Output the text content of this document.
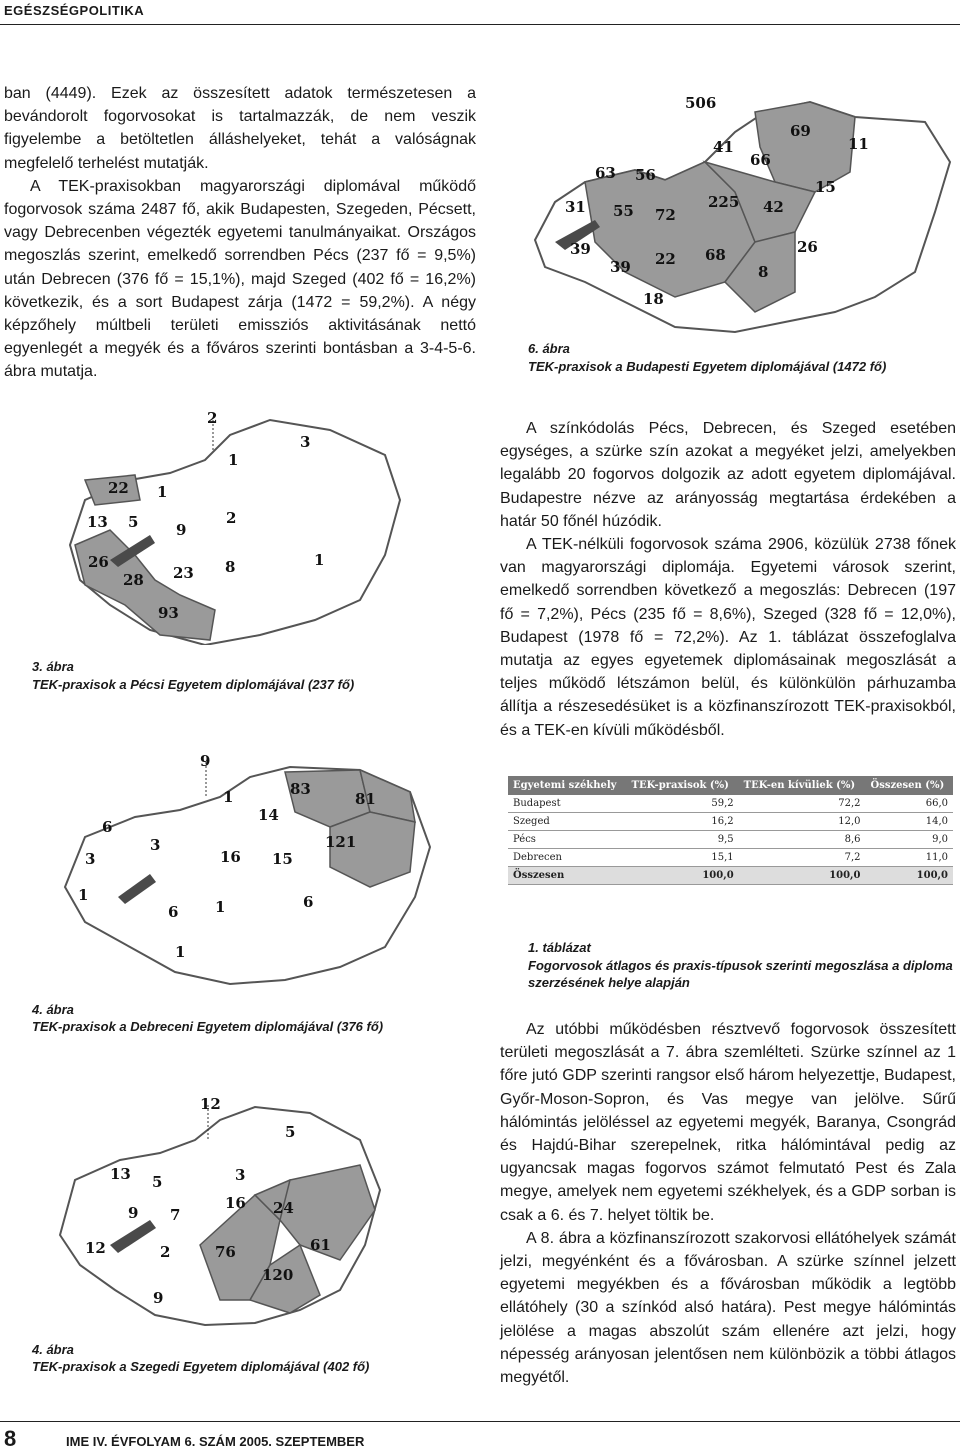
EGÉSZSÉGPOLITIKA

ban (4449). Ezek az összesített adatok természetesen a bevándorolt fogorvosokat is tartalmazzák, de nem veszik figyelembe a betöltetlen álláshelyeket, tehát a valóságnak megfelelő terhelést mutatják.

A TEK-praxisokban magyarországi diplomával működő fogorvosok száma 2487 fő, akik Budapesten, Szegeden, Pécsett, vagy Debrecenben végezték egyetemi tanulmányaikat. Országos megoszlás szerint, emelkedő sorrendben Pécs (237 fő = 9,5%) után Debrecen (376 fő = 15,1%), majd Szeged (402 fő = 16,2%) következik, és a sort Budapest zárja (1472 = 59,2%). A négy képzőhely múltbeli területi emissziós aktivitásának nettó egyenlegét a megyék és a főváros szerinti bontásban a 3-4-5-6. ábra mutatja.

506
69
11
41
66
63 56
15
31 55 72
225 42
26
39
22 68
8
39
18
6. ábra
TEK-praxisok a Budapesti Egyetem diplomájával (1472 fő)
2
3
1
22 1
13 5	9
2
26
23 8	1
28
93
3. ábra
TEK-praxisok a Pécsi Egyetem diplomájával (237 fő)

A színkódolás Pécs, Debrecen, és Szeged esetében egységes, a szürke szín azokat a megyéket jelzi, amelyekben legalább 20 fogorvos dolgozik az adott egyetem diplomájával. Budapestre nézve az arányosság megtartása érdekében a határ 50 főnél húzódik.

A TEK-nélküli fogorvosok száma 2906, közülük 2738 főnek van magyarországi diplomája. Egyetemi városok szerint, emelkedő sorrendben következő a megoszlás: Debrecen (197 fő = 7,2%), Pécs (235 fő = 8,6%), Szeged (328 fő = 12,0%), Budapest (1978 fő = 72,2%). Az 1. táblázat összefoglalva mutatja az egyes egyetemek diplomásainak megoszlását a teljes működő létszámon belül, és különkülön párhuzamba állítja a részesedésüket is a közfinanszírozott TEK-praxisokból, és a TEK-en kívüli működésből.

9
83
81
6
1
14
3	121
16 15
3
6
1
6 1
1
4. ábra
TEK-praxisok a Debreceni Egyetem diplomájával (376 fő)
Egyetemi székhely	TEK-praxisok (%)	TEK-en kívüliek (%)	Összesen (%)
Budapest	59,2	72,2	66,0
Szeged	16,2	12,0	14,0
Pécs	9,5	8,6	9,0
Debrecen	15,1	7,2	11,0
Összesen	100,0	100,0	100,0
1. táblázat
Fogorvosok átlagos és praxis-típusok szerinti megoszlása a diploma szerzésének helye alapján
12
5
13 5	3
16
9 7	24
61
12	2	76
120
9
4. ábra
TEK-praxisok a Szegedi Egyetem diplomájával (402 fő)

Az utóbbi működésben résztvevő fogorvosok összesített területi megoszlását a 7. ábra szemlélteti. Szürke színnel az 1 főre jutó GDP szerinti rangsor első három helyezettje, Budapest, Győr-Moson-Sopron, és Vas megye van jelölve. Sűrű hálómintás jelöléssel az egyetemi megyék, Baranya, Csongrád és Hajdú-Bihar szerepelnek, ritka hálómintával pedig az ugyancsak magas fogorvos számot felmutató Pest és Zala megye, amelyek nem egyetemi székhelyek, és a GDP sorban is csak a 6. és 7. helyet töltik be.

A 8. ábra a közfinanszírozott szakorvosi ellátóhelyek számát jelzi, megyénként és a fővárosban. A szürke színnel jelzett egyetemi megyékben és a fővárosban működik a legtöbb ellátóhely (30 a színkód alsó határa). Pest megye hálómintás jelölése a magas abszolút szám ellenére azt jelzi, hogy népesség arányosan jelentősen nem különbözik a többi átlagos megyétől.

8	IME IV. ÉVFOLYAM 6. SZÁM 2005. SZEPTEMBER
